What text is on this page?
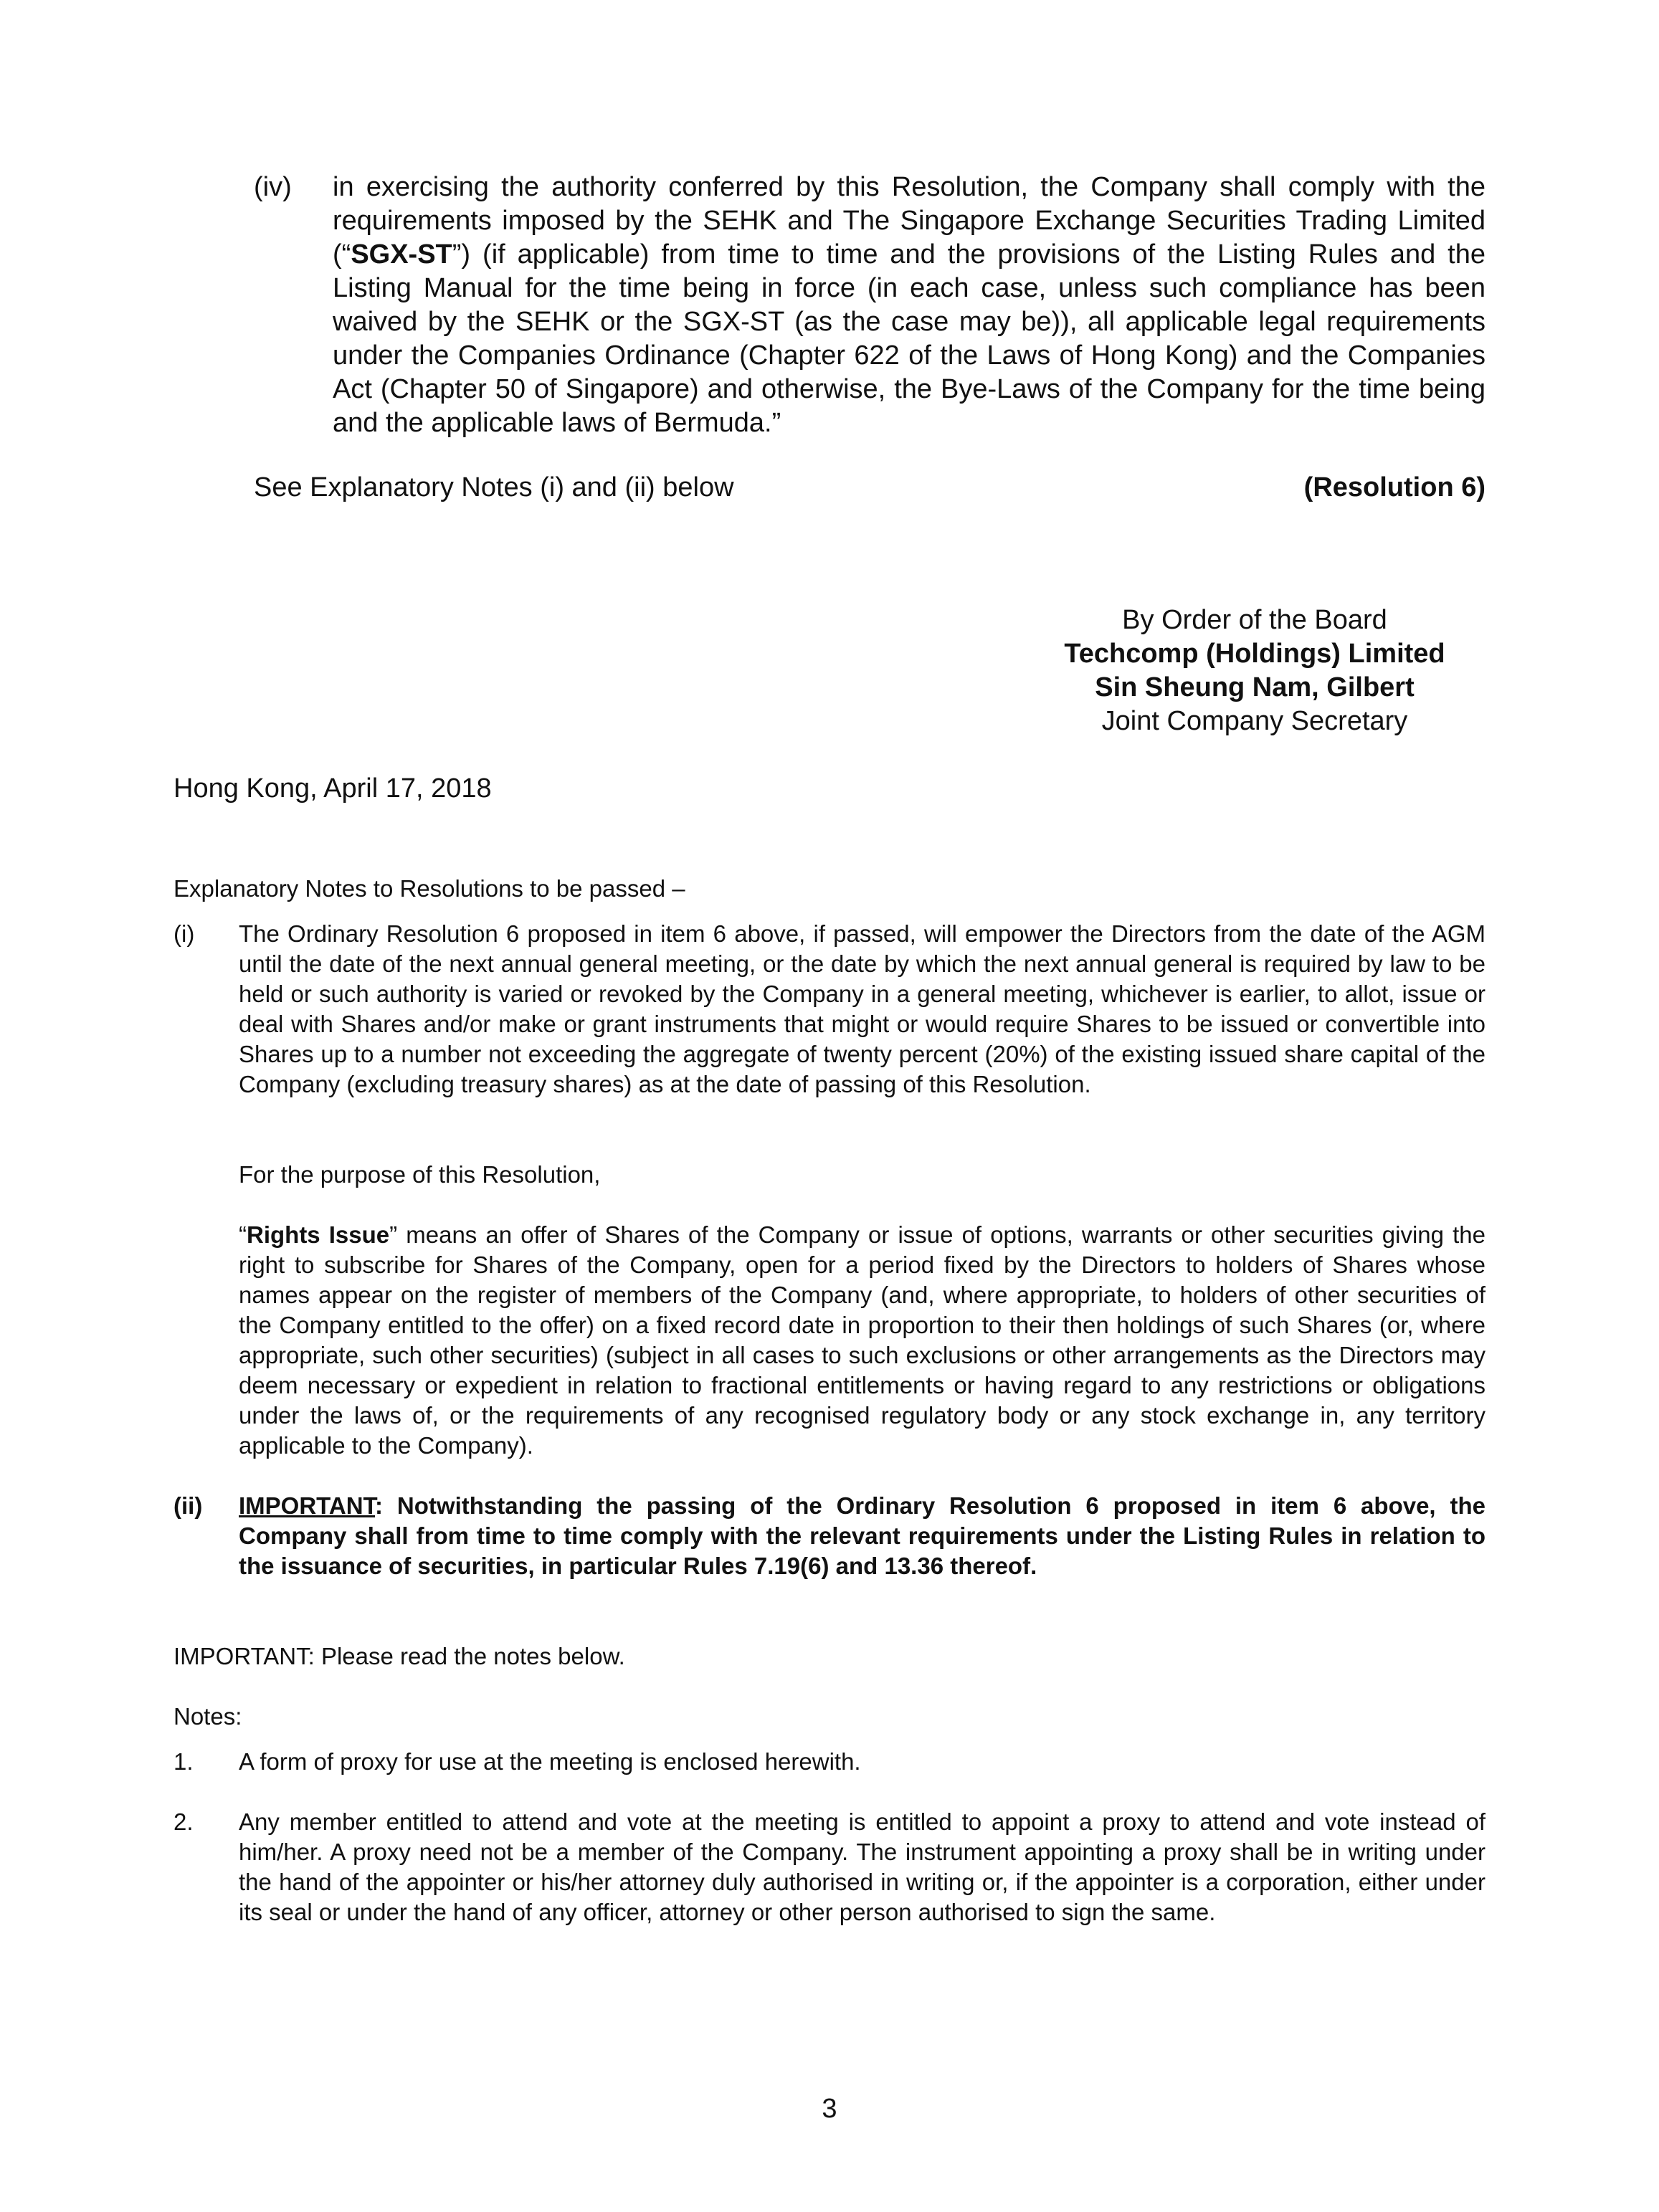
(iv) in exercising the authority conferred by this Resolution, the Company shall comply with the requirements imposed by the SEHK and The Singapore Exchange Securities Trading Limited (“SGX-ST”) (if applicable) from time to time and the provisions of the Listing Rules and the Listing Manual for the time being in force (in each case, unless such compliance has been waived by the SEHK or the SGX-ST (as the case may be)), all applicable legal requirements under the Companies Ordinance (Chapter 622 of the Laws of Hong Kong) and the Companies Act (Chapter 50 of Singapore) and otherwise, the Bye-Laws of the Company for the time being and the applicable laws of Bermuda.”
See Explanatory Notes (i) and (ii) below	(Resolution 6)
By Order of the Board
Techcomp (Holdings) Limited
Sin Sheung Nam, Gilbert
Joint Company Secretary
Hong Kong, April 17, 2018
Explanatory Notes to Resolutions to be passed –
(i) The Ordinary Resolution 6 proposed in item 6 above, if passed, will empower the Directors from the date of the AGM until the date of the next annual general meeting, or the date by which the next annual general is required by law to be held or such authority is varied or revoked by the Company in a general meeting, whichever is earlier, to allot, issue or deal with Shares and/or make or grant instruments that might or would require Shares to be issued or convertible into Shares up to a number not exceeding the aggregate of twenty percent (20%) of the existing issued share capital of the Company (excluding treasury shares) as at the date of passing of this Resolution.
For the purpose of this Resolution,
“Rights Issue” means an offer of Shares of the Company or issue of options, warrants or other securities giving the right to subscribe for Shares of the Company, open for a period fixed by the Directors to holders of Shares whose names appear on the register of members of the Company (and, where appropriate, to holders of other securities of the Company entitled to the offer) on a fixed record date in proportion to their then holdings of such Shares (or, where appropriate, such other securities) (subject in all cases to such exclusions or other arrangements as the Directors may deem necessary or expedient in relation to fractional entitlements or having regard to any restrictions or obligations under the laws of, or the requirements of any recognised regulatory body or any stock exchange in, any territory applicable to the Company).
(ii) IMPORTANT: Notwithstanding the passing of the Ordinary Resolution 6 proposed in item 6 above, the Company shall from time to time comply with the relevant requirements under the Listing Rules in relation to the issuance of securities, in particular Rules 7.19(6) and 13.36 thereof.
IMPORTANT: Please read the notes below.
Notes:
1. A form of proxy for use at the meeting is enclosed herewith.
2. Any member entitled to attend and vote at the meeting is entitled to appoint a proxy to attend and vote instead of him/her. A proxy need not be a member of the Company. The instrument appointing a proxy shall be in writing under the hand of the appointer or his/her attorney duly authorised in writing or, if the appointer is a corporation, either under its seal or under the hand of any officer, attorney or other person authorised to sign the same.
3
